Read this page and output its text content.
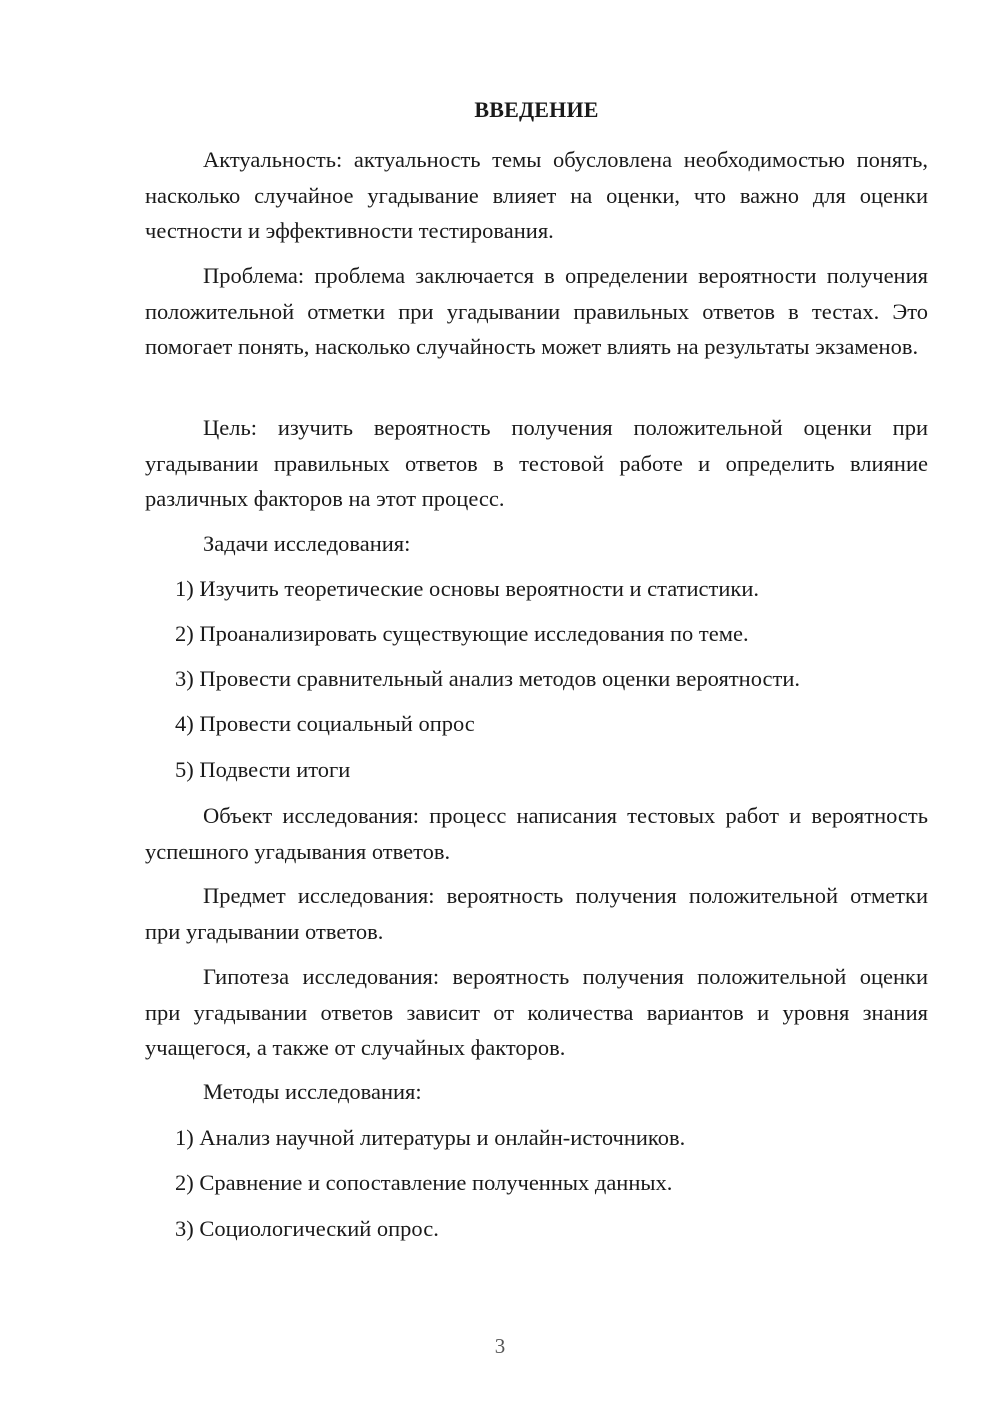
ВВЕДЕНИЕ

Актуальность: актуальность темы обусловлена необходимостью понять, насколько случайное угадывание влияет на оценки, что важно для оценки честности и эффективности тестирования.

Проблема: проблема заключается в определении вероятности получения положительной отметки при угадывании правильных ответов в тестах. Это помогает понять, насколько случайность может влиять на результаты экзаменов.

Цель: изучить вероятность получения положительной оценки при угадывании правильных ответов в тестовой работе и определить влияние различных факторов на этот процесс.

Задачи исследования:

1) Изучить теоретические основы вероятности и статистики.

2) Проанализировать существующие исследования по теме.

3) Провести сравнительный анализ методов оценки вероятности.

4) Провести социальный опрос

5) Подвести итоги

Объект исследования: процесс написания тестовых работ и вероятность успешного угадывания ответов.

Предмет исследования: вероятность получения положительной отметки при угадывании ответов.

Гипотеза исследования: вероятность получения положительной оценки при угадывании ответов зависит от количества вариантов и уровня знания учащегося, а также от случайных факторов.

Методы исследования:

1) Анализ научной литературы и онлайн-источников.

2) Сравнение и сопоставление полученных данных.

3) Социологический опрос.

3
